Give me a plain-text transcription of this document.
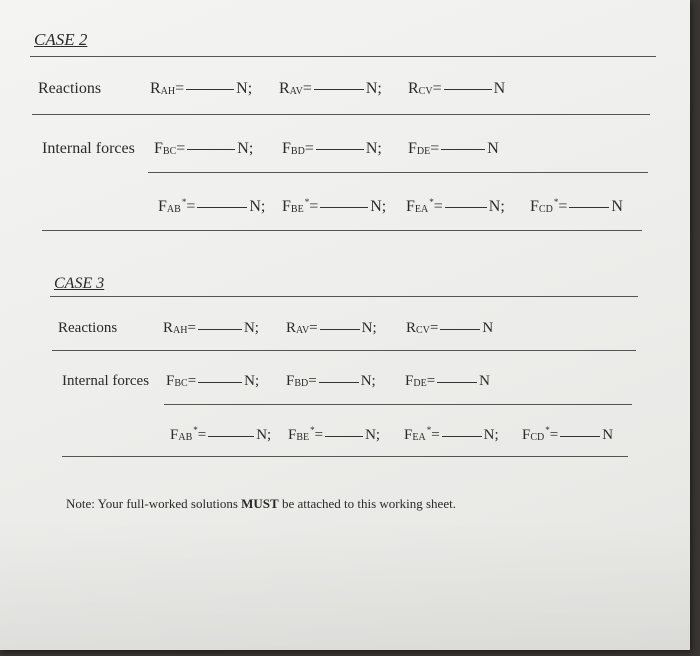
CASE 2
Reactions	$R_{AH}=$	N; $R_{AV}=$	N; $R_{CV}=$	N
Internal forces $F_{BC}=$	N; $F_{BD}=$	N; $F_{DE}=$	N
$F_{AB}^*=$	N; $F_{BE}^*=$	N; $F_{EA}^*=$	N; $F_{CD}^*=$	N
CASE 3
Reactions	$R_{AH}=$	N; $R_{AV}=$	N; $R_{CV}=$	N
Internal forces $F_{BC}=$	N; $F_{BD}=$	N; $F_{DE}=$	N
$F_{AB}^*=$	N; $F_{BE}^*=$	N; $F_{EA}^*=$	N; $F_{CD}^*=$	N
Note: Your full-worked solutions MUST be attached to this working sheet.
